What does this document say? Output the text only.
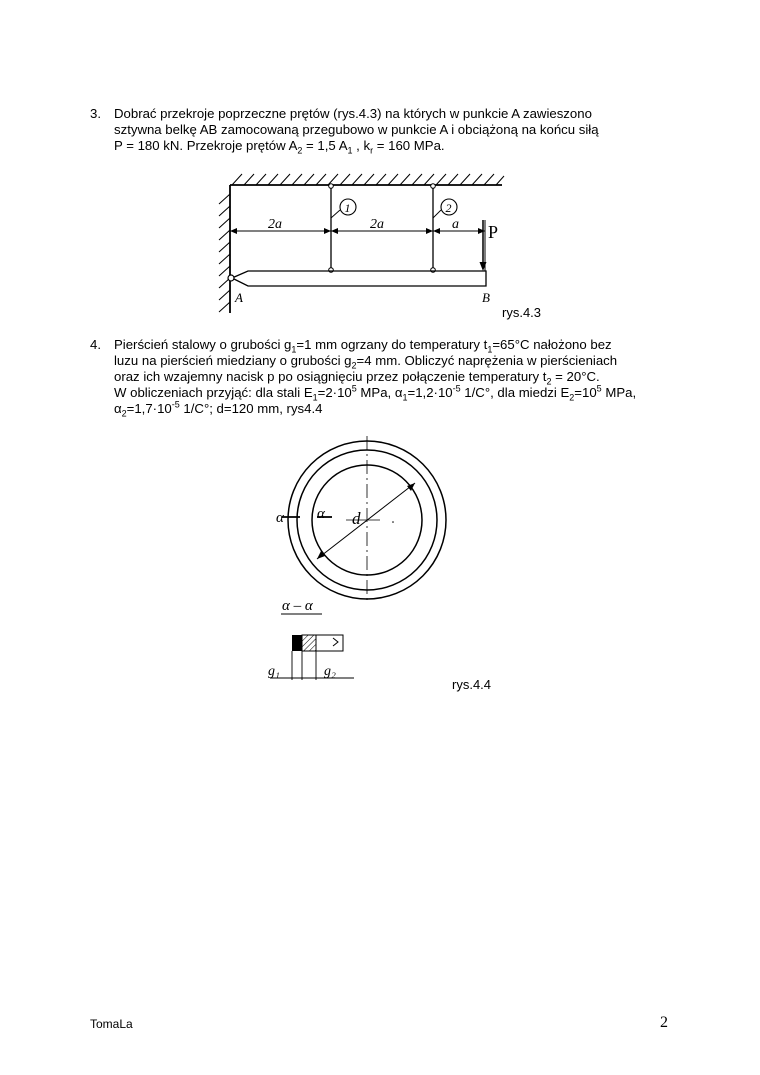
3. Dobrać przekroje poprzeczne prętów (rys.4.3) na których w punkcie A zawieszono

sztywna belkę AB zamocowaną przegubowo w punkcie A i obciążoną na końcu siłą

P = 180 kN. Przekroje prętów $A_2 = 1,5$ $A_1$ , $k_r = 160$ MPa.

2a	2a	a
1	2
P
A	B
rys.4.3
4. Pierścień stalowy o grubości $g_1=1$ mm ogrzany do temperatury $t_1=65^\circ C$ nałożono bez

luzu na pierścień miedziany o grubości $g_2=4$ mm. Obliczyć naprężenia w pierścieniach

oraz ich wzajemny nacisk p po osiągnięciu przez połączenie temperatury $t_2 = 20^\circ C$.

W obliczeniach przyjąć: dla stali $E_1=2\cdot 10^5$ MPa, $\alpha_1=1,2\cdot 10^{-5}$ 1/C°, dla miedzi $E_2=10^5$ MPa,

$\alpha_2=1,7\cdot 10^{-5}$ 1/C°; d=120 mm, rys4.4

α α d
α – α
g₁	g₂
rys.4.4
TomaLa	2
